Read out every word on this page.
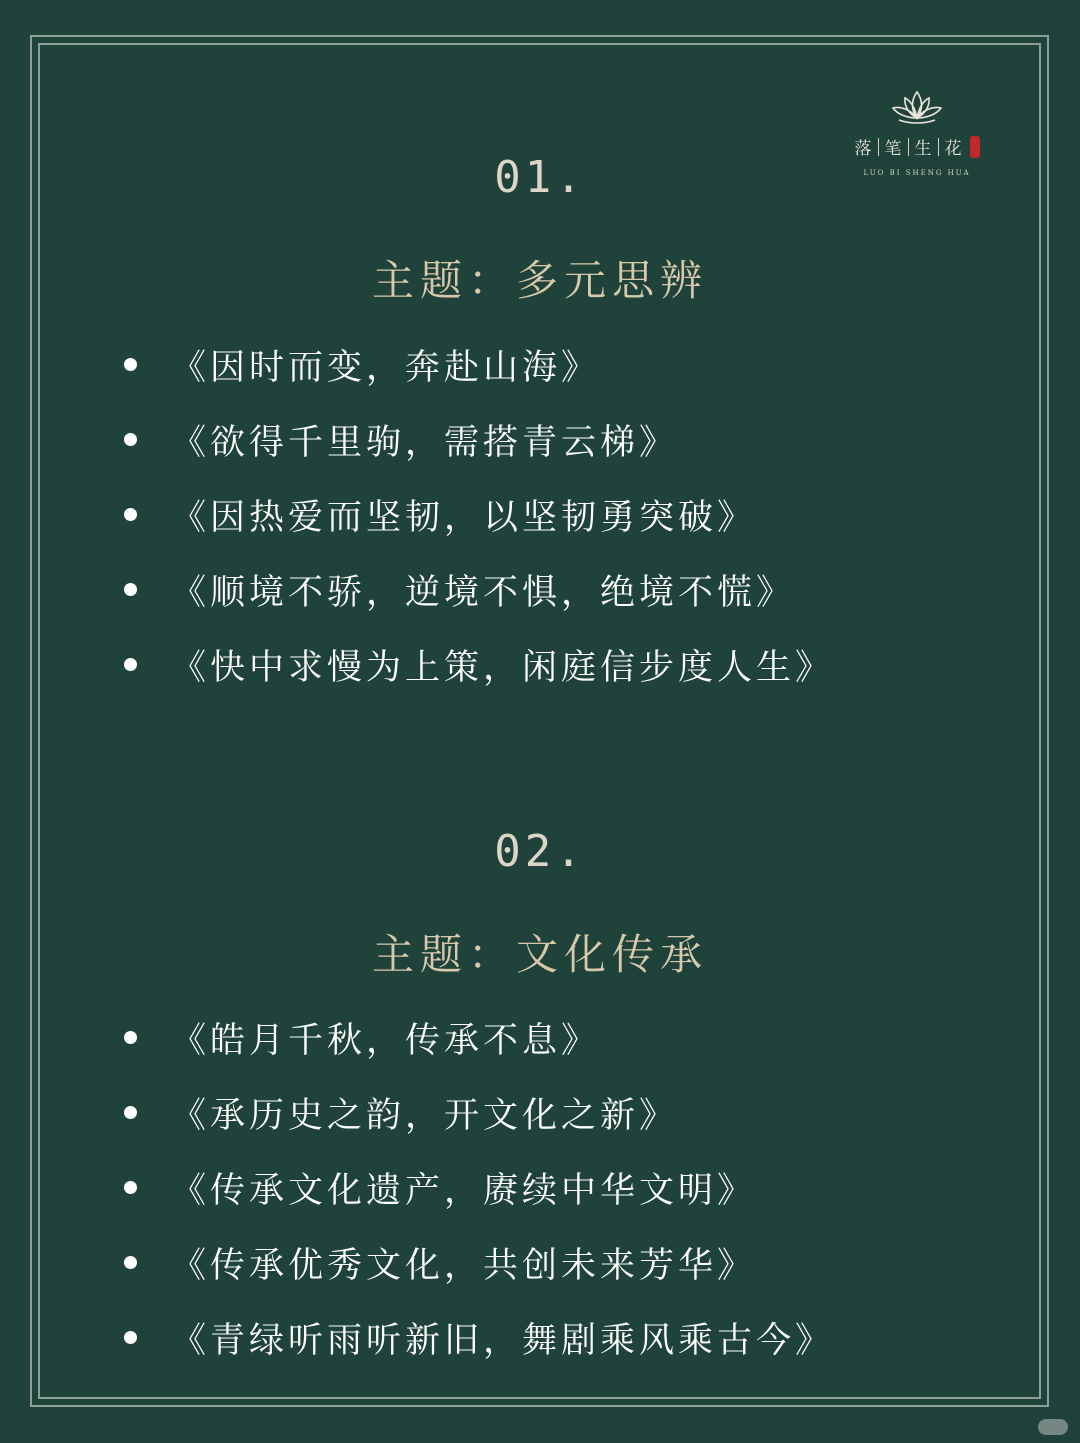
落 笔 生 花
LUO BI SHENG HUA
01.
主题：多元思辨
《因时而变，奔赴山海》
《欲得千里驹，需搭青云梯》
《因热爱而坚韧，以坚韧勇突破》
《顺境不骄，逆境不惧，绝境不慌》
《快中求慢为上策，闲庭信步度人生》
02.
主题：文化传承
《皓月千秋，传承不息》
《承历史之韵，开文化之新》
《传承文化遗产，赓续中华文明》
《传承优秀文化，共创未来芳华》
《青绿听雨听新旧，舞剧乘风乘古今》
